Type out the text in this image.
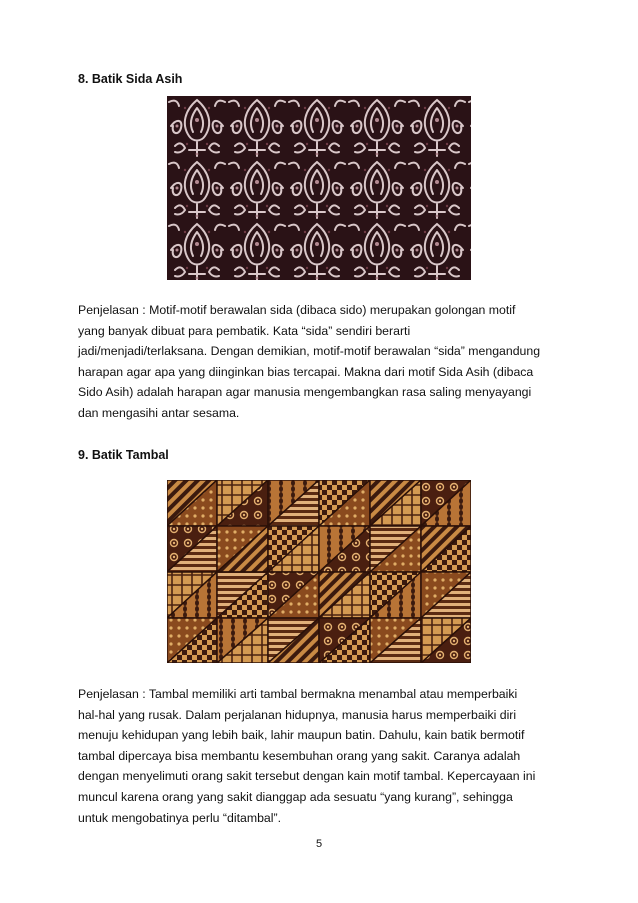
8. Batik Sida Asih

Penjelasan : Motif-motif berawalan sida (dibaca sido) merupakan golongan motif
yang banyak dibuat para pembatik. Kata “sida” sendiri berarti
jadi/menjadi/terlaksana. Dengan demikian, motif-motif berawalan “sida” mengandung
harapan agar apa yang diinginkan bias tercapai. Makna dari motif Sida Asih (dibaca
Sido Asih) adalah harapan agar manusia mengembangkan rasa saling menyayangi
dan mengasihi antar sesama.

9. Batik Tambal

Penjelasan : Tambal memiliki arti tambal bermakna menambal atau memperbaiki
hal-hal yang rusak. Dalam perjalanan hidupnya, manusia harus memperbaiki diri
menuju kehidupan yang lebih baik, lahir maupun batin. Dahulu, kain batik bermotif
tambal dipercaya bisa membantu kesembuhan orang yang sakit. Caranya adalah
dengan menyelimuti orang sakit tersebut dengan kain motif tambal. Kepercayaan ini
muncul karena orang yang sakit dianggap ada sesuatu “yang kurang”, sehingga
untuk mengobatinya perlu “ditambal”.

5
